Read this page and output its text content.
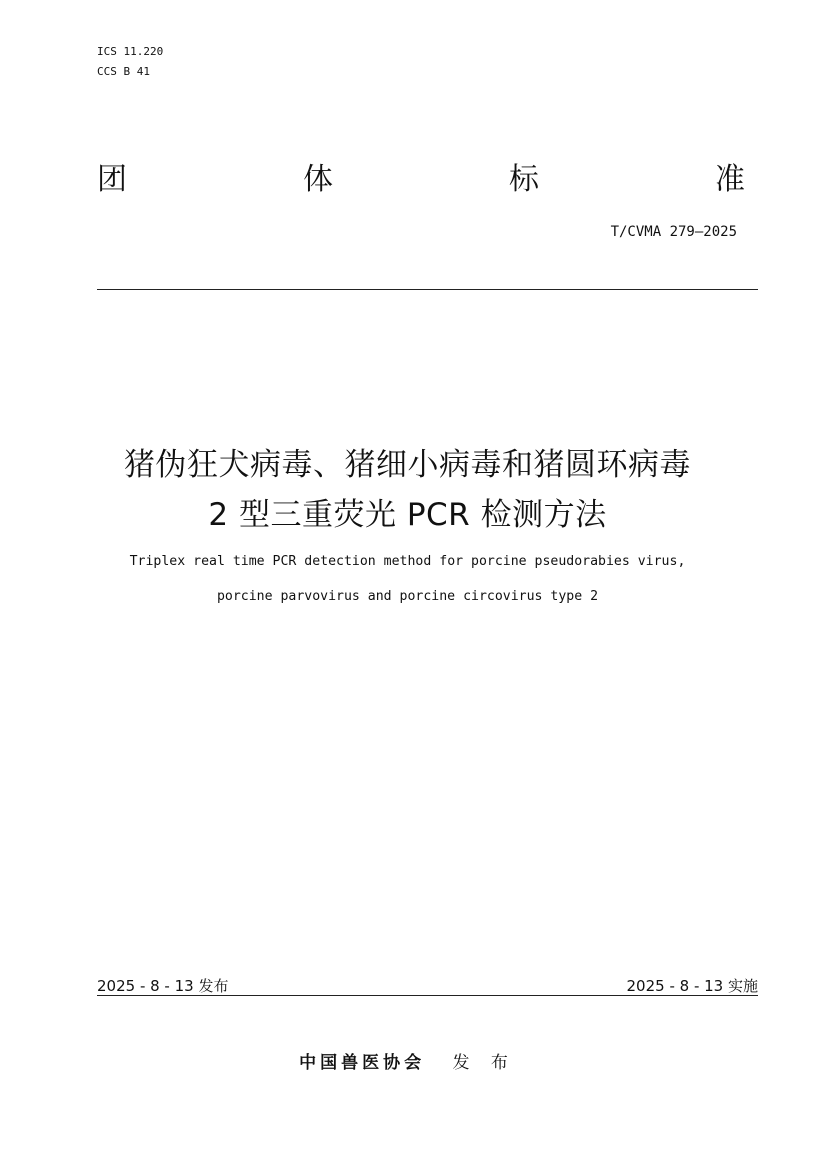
ICS 11.220
CCS B 41
团	体	标	准
T/CVMA 279—2025
猪伪狂犬病毒、猪细小病毒和猪圆环病毒
2 型三重荧光 PCR 检测方法
Triplex real time PCR detection method for porcine pseudorabies virus,
porcine parvovirus and porcine circovirus type 2
2025 - 8 - 13 发布	2025 - 8 - 13 实施
中国兽医协会 发 布
